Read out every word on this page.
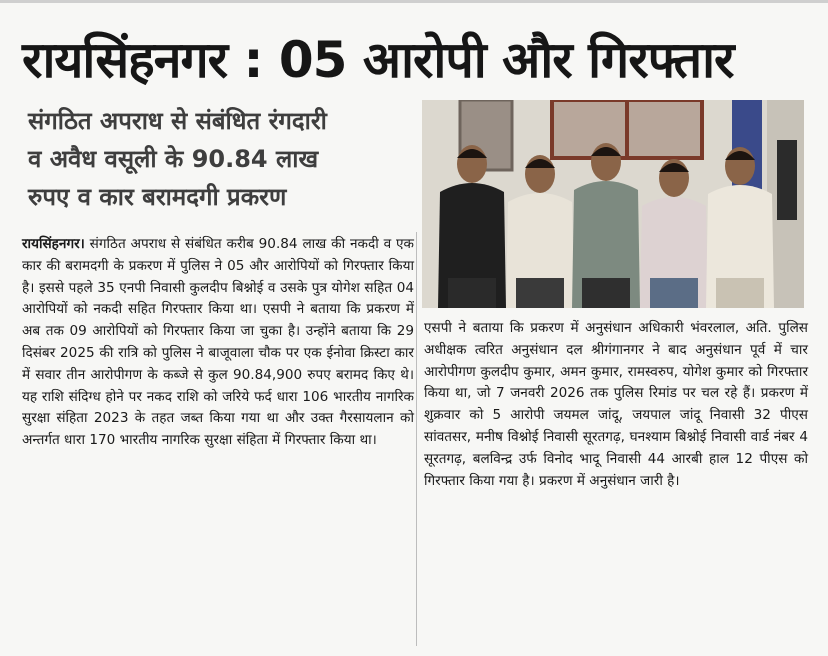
रायसिंहनगर : 05 आरोपी और गिरफ्तार
संगठित अपराध से संबंधित रंगदारी
व अवैध वसूली के 90.84 लाख
रुपए व कार बरामदगी प्रकरण

रायसिंहनगर। संगठित अपराध से संबंधित करीब 90.84 लाख की नकदी व एक कार की बरामदगी के प्रकरण में पुलिस ने 05 और आरोपियों को गिरफ्तार किया है। इससे पहले 35 एनपी निवासी कुलदीप बिश्नोई व उसके पुत्र योगेश सहित 04 आरोपियों को नकदी सहित गिरफ्तार किया था। एसपी ने बताया कि प्रकरण में अब तक 09 आरोपियों को गिरफ्तार किया जा चुका है। उन्होंने बताया कि 29 दिसंबर 2025 की रात्रि को पुलिस ने बाजूवाला चौक पर एक ईनोवा क्रिस्टा कार में सवार तीन आरोपीगण के कब्जे से कुल 90.84,900 रुपए बरामद किए थे। यह राशि संदिग्ध होने पर नकद राशि को जरिये फर्द धारा 106 भारतीय नागरिक सुरक्षा संहिता 2023 के तहत जब्त किया गया था और उक्त गैरसायलान को अन्तर्गत धारा 170 भारतीय नागरिक सुरक्षा संहिता में गिरफ्तार किया था।

एसपी ने बताया कि प्रकरण में अनुसंधान अधिकारी भंवरलाल, अति. पुलिस अधीक्षक त्वरित अनुसंधान दल श्रीगंगानगर ने बाद अनुसंधान पूर्व में चार आरोपीगण कुलदीप कुमार, अमन कुमार, रामस्वरुप, योगेश कुमार को गिरफ्तार किया था, जो 7 जनवरी 2026 तक पुलिस रिमांड पर चल रहे हैं। प्रकरण में शुक्रवार को 5 आरोपी जयमल जांदू, जयपाल जांदू निवासी 32 पीएस सांवतसर, मनीष विश्नोई निवासी सूरतगढ़, घनश्याम बिश्नोई निवासी वार्ड नंबर 4 सूरतगढ़, बलविन्द्र उर्फ विनोद भादू निवासी 44 आरबी हाल 12 पीएस को गिरफ्तार किया गया है। प्रकरण में अनुसंधान जारी है।
